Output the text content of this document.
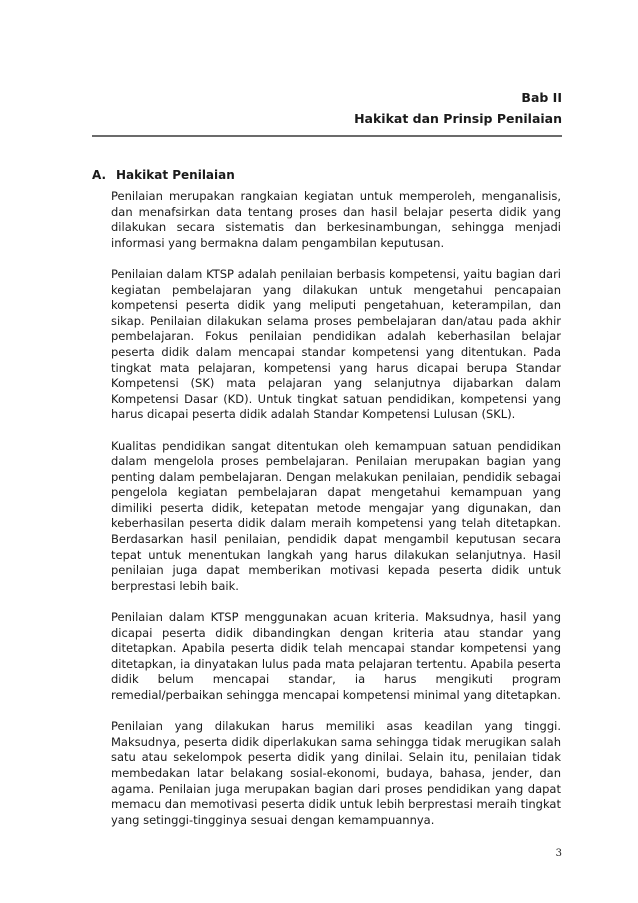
Bab II
Hakikat dan Prinsip Penilaian
A. Hakikat Penilaian

Penilaian merupakan rangkaian kegiatan untuk memperoleh, menganalisis, dan menafsirkan data tentang proses dan hasil belajar peserta didik yang dilakukan secara sistematis dan berkesinambungan, sehingga menjadi informasi yang bermakna dalam pengambilan keputusan.

Penilaian dalam KTSP adalah penilaian berbasis kompetensi, yaitu bagian dari kegiatan pembelajaran yang dilakukan untuk mengetahui pencapaian kompetensi peserta didik yang meliputi pengetahuan, keterampilan, dan sikap. Penilaian dilakukan selama proses pembelajaran dan/atau pada akhir pembelajaran. Fokus penilaian pendidikan adalah keberhasilan belajar peserta didik dalam mencapai standar kompetensi yang ditentukan. Pada tingkat mata pelajaran, kompetensi yang harus dicapai berupa Standar Kompetensi (SK) mata pelajaran yang selanjutnya dijabarkan dalam Kompetensi Dasar (KD). Untuk tingkat satuan pendidikan, kompetensi yang harus dicapai peserta didik adalah Standar Kompetensi Lulusan (SKL).

Kualitas pendidikan sangat ditentukan oleh kemampuan satuan pendidikan dalam mengelola proses pembelajaran. Penilaian merupakan bagian yang penting dalam pembelajaran. Dengan melakukan penilaian, pendidik sebagai pengelola kegiatan pembelajaran dapat mengetahui kemampuan yang dimiliki peserta didik, ketepatan metode mengajar yang digunakan, dan keberhasilan peserta didik dalam meraih kompetensi yang telah ditetapkan. Berdasarkan hasil penilaian, pendidik dapat mengambil keputusan secara tepat untuk menentukan langkah yang harus dilakukan selanjutnya. Hasil penilaian juga dapat memberikan motivasi kepada peserta didik untuk berprestasi lebih baik.

Penilaian dalam KTSP menggunakan acuan kriteria. Maksudnya, hasil yang dicapai peserta didik dibandingkan dengan kriteria atau standar yang ditetapkan. Apabila peserta didik telah mencapai standar kompetensi yang ditetapkan, ia dinyatakan lulus pada mata pelajaran tertentu. Apabila peserta didik belum mencapai standar, ia harus mengikuti program remedial/perbaikan sehingga mencapai kompetensi minimal yang ditetapkan.

Penilaian yang dilakukan harus memiliki asas keadilan yang tinggi. Maksudnya, peserta didik diperlakukan sama sehingga tidak merugikan salah satu atau sekelompok peserta didik yang dinilai. Selain itu, penilaian tidak membedakan latar belakang sosial-ekonomi, budaya, bahasa, jender, dan agama. Penilaian juga merupakan bagian dari proses pendidikan yang dapat memacu dan memotivasi peserta didik untuk lebih berprestasi meraih tingkat yang setinggi-tingginya sesuai dengan kemampuannya.

3
